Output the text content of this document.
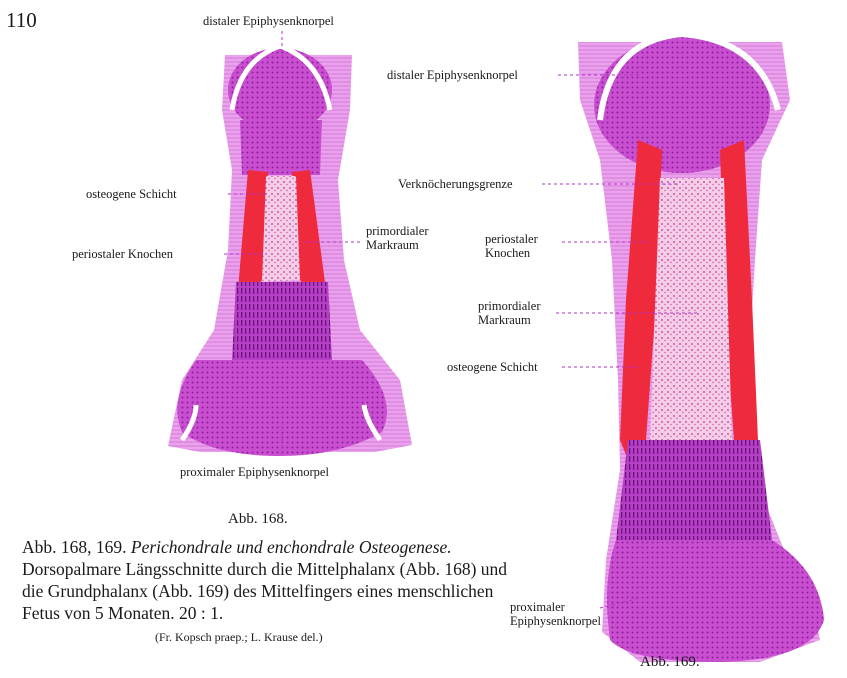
110	distaler Epiphysenknorpel
osteogene Schicht
periostaler Knochen
primordialer
Markraum
proximaler Epiphysenknorpel
Abb. 168.
distaler Epiphysenknorpel
Verknöcherungsgrenze
periostaler
Knochen
primordialer
Markraum
osteogene Schicht
proximaler
Epiphysenknorpel
Abb. 169.
Abb. 168, 169. Perichondrale und enchondrale Osteogenese. Dorsopalmare Längsschnitte durch die Mittelphalanx (Abb. 168) und die Grundphalanx (Abb. 169) des Mittelfingers eines menschlichen Fetus von 5 Monaten. 20 : 1.
(Fr. Kopsch praep.; L. Krause del.)
